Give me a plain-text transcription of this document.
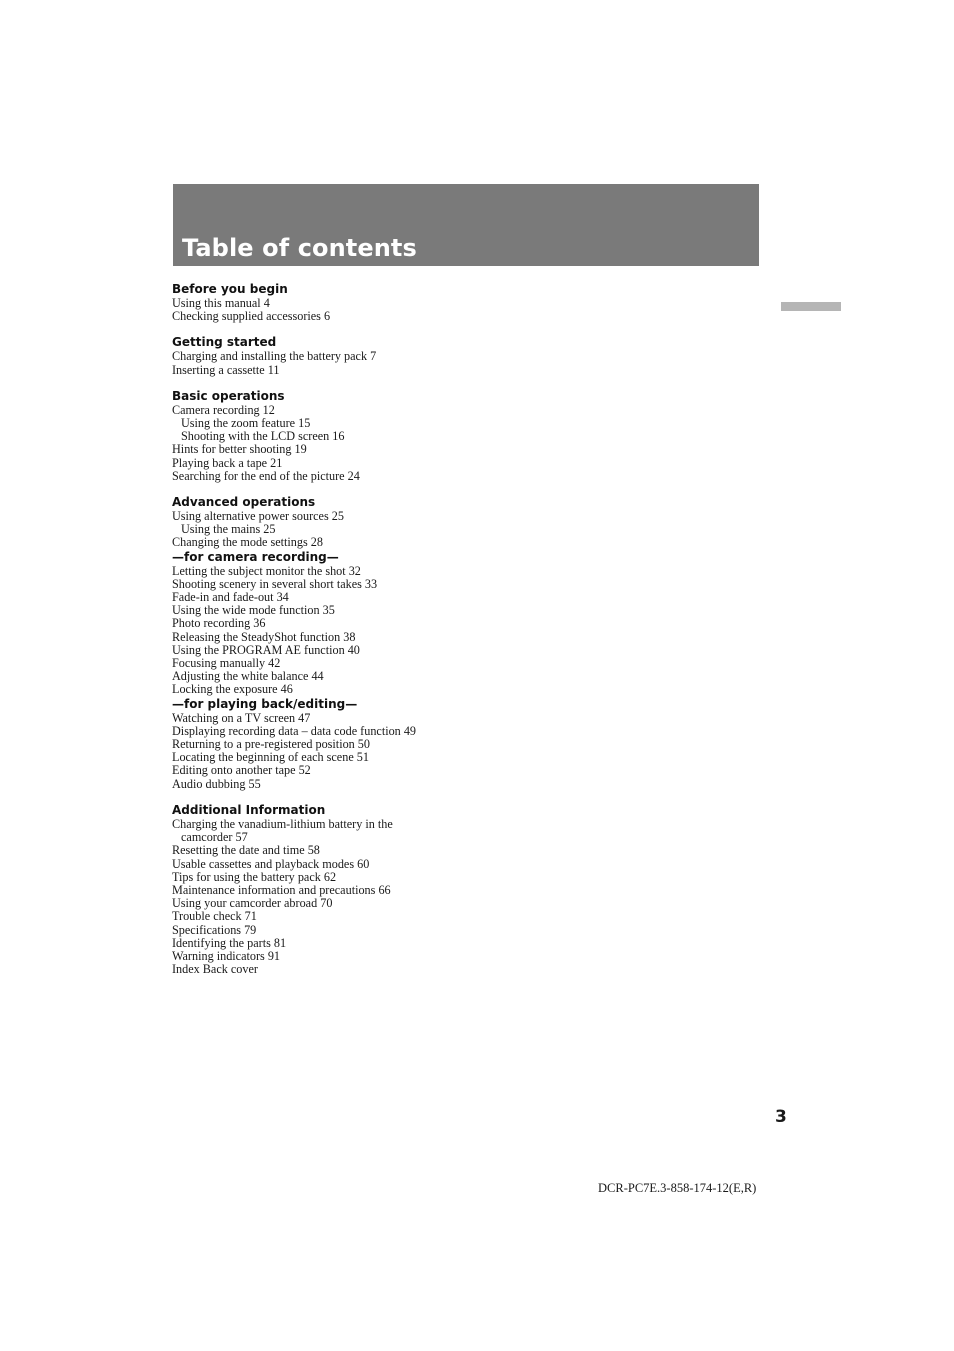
Table of contents
Before you begin
Using this manual 4
Checking supplied accessories 6
Getting started
Charging and installing the battery pack 7
Inserting a cassette 11
Basic operations
Camera recording 12
Using the zoom feature 15
Shooting with the LCD screen 16
Hints for better shooting 19
Playing back a tape 21
Searching for the end of the picture 24
Advanced operations
Using alternative power sources 25
Using the mains 25
Changing the mode settings 28
—for camera recording—
Letting the subject monitor the shot 32
Shooting scenery in several short takes 33
Fade-in and fade-out 34
Using the wide mode function 35
Photo recording 36
Releasing the SteadyShot function 38
Using the PROGRAM AE function 40
Focusing manually 42
Adjusting the white balance 44
Locking the exposure 46
—for playing back/editing—
Watching on a TV screen 47
Displaying recording data – data code function 49
Returning to a pre-registered position 50
Locating the beginning of each scene 51
Editing onto another tape 52
Audio dubbing 55
Additional Information
Charging the vanadium-lithium battery in the
camcorder 57
Resetting the date and time 58
Usable cassettes and playback modes 60
Tips for using the battery pack 62
Maintenance information and precautions 66
Using your camcorder abroad 70
Trouble check 71
Specifications 79
Identifying the parts 81
Warning indicators 91
Index Back cover
3
DCR-PC7E.3-858-174-12(E,R)
